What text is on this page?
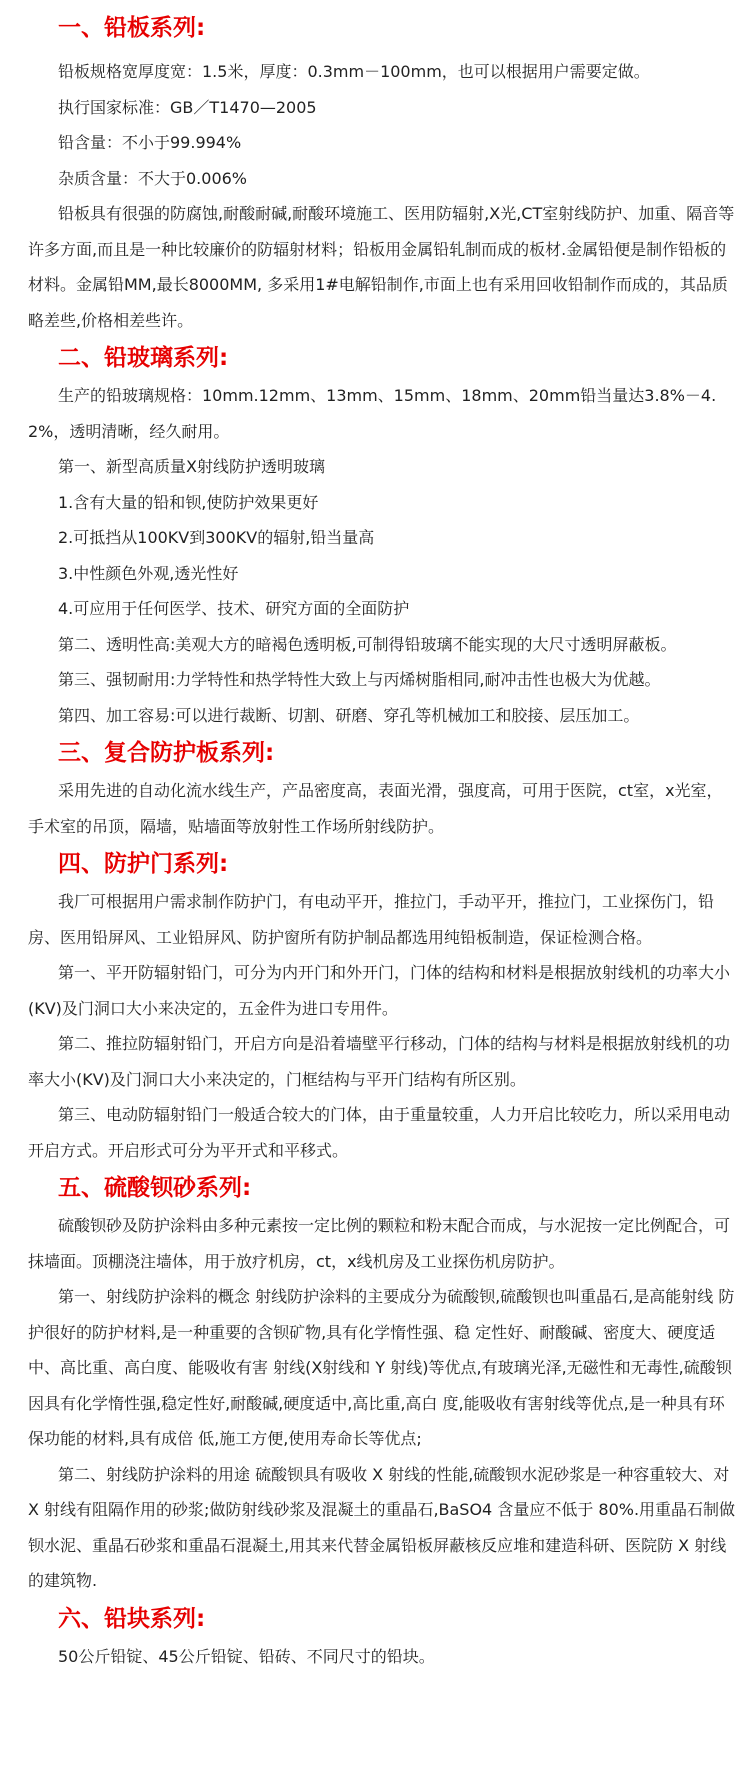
一、铅板系列:

铅板规格宽厚度宽：1.5米，厚度：0.3mm－100mm，也可以根据用户需要定做。

执行国家标准：GB／T1470—2005

铅含量：不小于99.994%

杂质含量：不大于0.006%

铅板具有很强的防腐蚀,耐酸耐碱,耐酸环境施工、医用防辐射,X光,CT室射线防护、加重、隔音等许多方面,而且是一种比较廉价的防辐射材料；铅板用金属铅轧制而成的板材.金属铅便是制作铅板的材料。金属铅MM,最长8000MM, 多采用1#电解铅制作,市面上也有采用回收铅制作而成的，其品质略差些,价格相差些许。

二、铅玻璃系列:

生产的铅玻璃规格：10mm.12mm、13mm、15mm、18mm、20mm铅当量达3.8%－4.2%，透明清晰，经久耐用。

第一、新型高质量X射线防护透明玻璃

1.含有大量的铅和钡,使防护效果更好

2.可抵挡从100KV到300KV的辐射,铅当量高

3.中性颜色外观,透光性好

4.可应用于任何医学、技术、研究方面的全面防护

第二、透明性高:美观大方的暗褐色透明板,可制得铅玻璃不能实现的大尺寸透明屏蔽板。

第三、强韧耐用:力学特性和热学特性大致上与丙烯树脂相同,耐冲击性也极大为优越。

第四、加工容易:可以进行裁断、切割、研磨、穿孔等机械加工和胶接、层压加工。

三、复合防护板系列:

采用先进的自动化流水线生产，产品密度高，表面光滑，强度高，可用于医院，ct室，x光室，手术室的吊顶，隔墙，贴墙面等放射性工作场所射线防护。

四、防护门系列:

我厂可根据用户需求制作防护门，有电动平开，推拉门，手动平开，推拉门，工业探伤门，铅房、医用铅屏风、工业铅屏风、防护窗所有防护制品都选用纯铅板制造，保证检测合格。

第一、平开防辐射铅门，可分为内开门和外开门，门体的结构和材料是根据放射线机的功率大小(KV)及门洞口大小来决定的，五金件为进口专用件。

第二、推拉防辐射铅门，开启方向是沿着墙壁平行移动，门体的结构与材料是根据放射线机的功率大小(KV)及门洞口大小来决定的，门框结构与平开门结构有所区别。

第三、电动防辐射铅门一般适合较大的门体，由于重量较重，人力开启比较吃力，所以采用电动开启方式。开启形式可分为平开式和平移式。

五、硫酸钡砂系列:

硫酸钡砂及防护涂料由多种元素按一定比例的颗粒和粉末配合而成，与水泥按一定比例配合，可抹墙面。顶棚浇注墙体，用于放疗机房，ct，x线机房及工业探伤机房防护。

第一、射线防护涂料的概念 射线防护涂料的主要成分为硫酸钡,硫酸钡也叫重晶石,是高能射线 防护很好的防护材料,是一种重要的含钡矿物,具有化学惰性强、稳 定性好、耐酸碱、密度大、硬度适中、高比重、高白度、能吸收有害 射线(X射线和 Y 射线)等优点,有玻璃光泽,无磁性和无毒性,硫酸钡因具有化学惰性强,稳定性好,耐酸碱,硬度适中,高比重,高白 度,能吸收有害射线等优点,是一种具有环保功能的材料,具有成倍 低,施工方便,使用寿命长等优点;

第二、射线防护涂料的用途 硫酸钡具有吸收 X 射线的性能,硫酸钡水泥砂浆是一种容重较大、对 X 射线有阻隔作用的砂浆;做防射线砂浆及混凝土的重晶石,BaSO4 含量应不低于 80%.用重晶石制做钡水泥、重晶石砂浆和重晶石混凝土,用其来代替金属铅板屏蔽核反应堆和建造科研、医院防 X 射线的建筑物.

六、铅块系列:

50公斤铅锭、45公斤铅锭、铅砖、不同尺寸的铅块。
